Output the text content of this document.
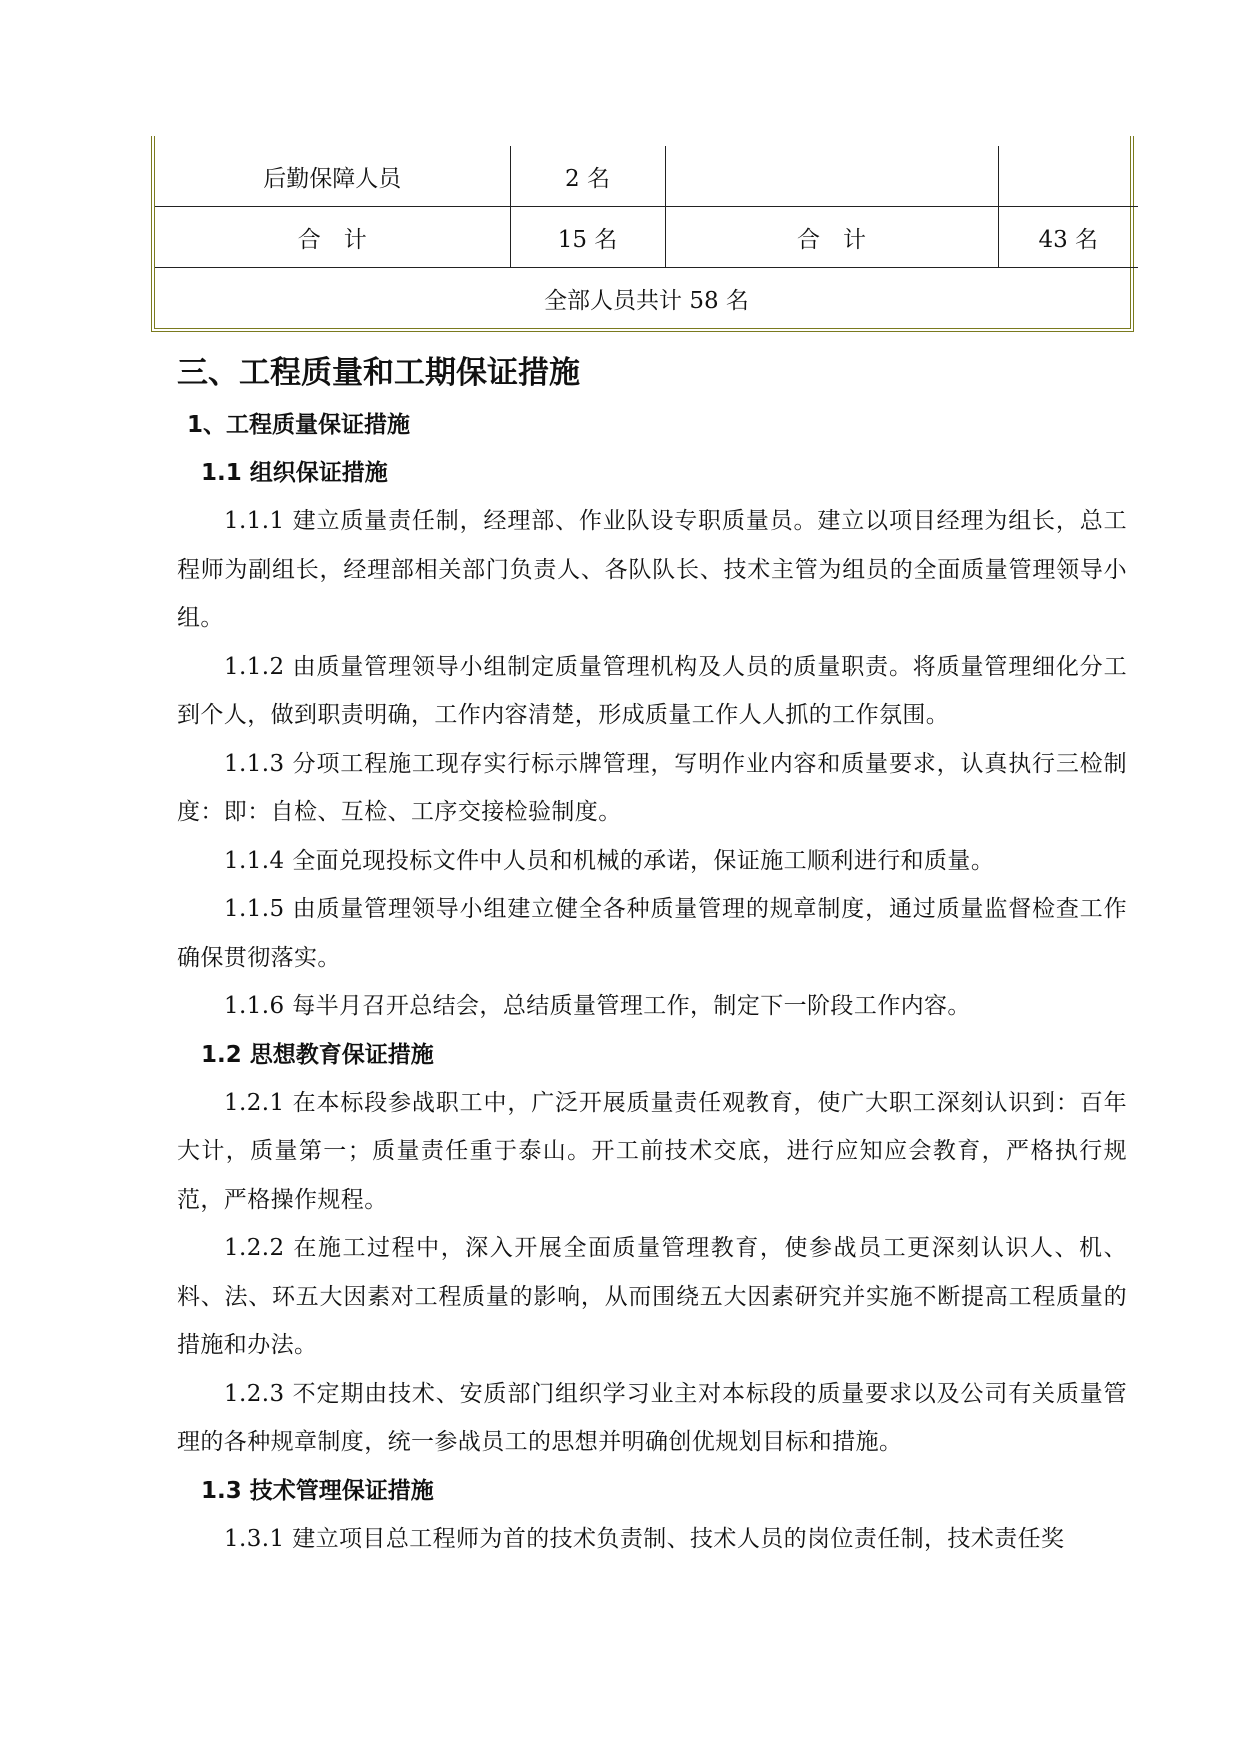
后勤保障人员	2 名		
合　计	15 名	合　计	43 名
全部人员共计 58 名			
三、工程质量和工期保证措施
1、工程质量保证措施
1.1 组织保证措施

1.1.1 建立质量责任制，经理部、作业队设专职质量员。建立以项目经理为组长，总工程师为副组长，经理部相关部门负责人、各队队长、技术主管为组员的全面质量管理领导小组。

1.1.2 由质量管理领导小组制定质量管理机构及人员的质量职责。将质量管理细化分工到个人，做到职责明确，工作内容清楚，形成质量工作人人抓的工作氛围。

1.1.3 分项工程施工现存实行标示牌管理，写明作业内容和质量要求，认真执行三检制度：即：自检、互检、工序交接检验制度。

1.1.4 全面兑现投标文件中人员和机械的承诺，保证施工顺利进行和质量。

1.1.5 由质量管理领导小组建立健全各种质量管理的规章制度，通过质量监督检查工作确保贯彻落实。

1.1.6 每半月召开总结会，总结质量管理工作，制定下一阶段工作内容。

1.2 思想教育保证措施

1.2.1 在本标段参战职工中，广泛开展质量责任观教育，使广大职工深刻认识到：百年大计，质量第一；质量责任重于泰山。开工前技术交底，进行应知应会教育，严格执行规范，严格操作规程。

1.2.2 在施工过程中，深入开展全面质量管理教育，使参战员工更深刻认识人、机、料、法、环五大因素对工程质量的影响，从而围绕五大因素研究并实施不断提高工程质量的措施和办法。

1.2.3 不定期由技术、安质部门组织学习业主对本标段的质量要求以及公司有关质量管理的各种规章制度，统一参战员工的思想并明确创优规划目标和措施。

1.3 技术管理保证措施

1.3.1 建立项目总工程师为首的技术负责制、技术人员的岗位责任制，技术责任奖
